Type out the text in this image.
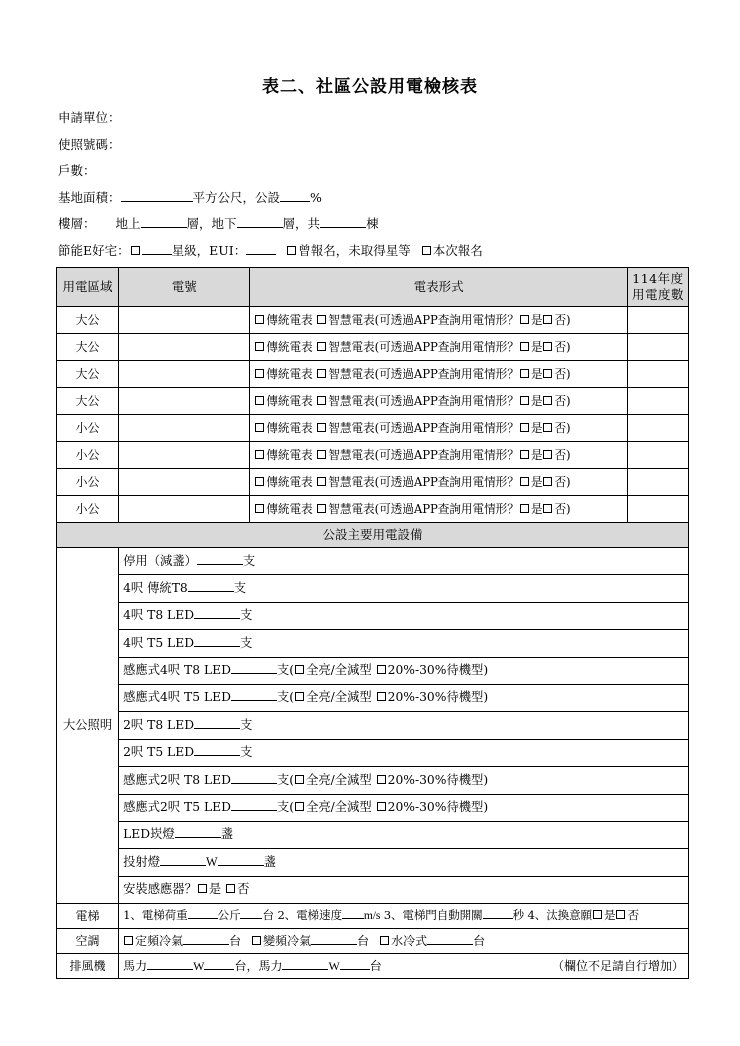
表二、社區公設用電檢核表
申請單位：
使照號碼：
戶數：
基地面積：	平方公尺，公設 %
樓層： 地上	層，地下	層，共	棟
節能E好宅：	星級，EUI：	曾報名，未取得星等 本次報名
用電區域	電號	電表形式	114年度
用電度數

大公		傳統電表 智慧電表(可透過APP查詢用電情形？ 是 否)	
大公		傳統電表 智慧電表(可透過APP查詢用電情形？ 是 否)	
大公		傳統電表 智慧電表(可透過APP查詢用電情形？ 是 否)	
大公		傳統電表 智慧電表(可透過APP查詢用電情形？ 是 否)	
小公		傳統電表 智慧電表(可透過APP查詢用電情形？ 是 否)	
小公		傳統電表 智慧電表(可透過APP查詢用電情形？ 是 否)	
小公		傳統電表 智慧電表(可透過APP查詢用電情形？ 是 否)	
小公		傳統電表 智慧電表(可透過APP查詢用電情形？ 是 否)	
公設主要用電設備			
大公照明	停用（減盞） 支		
	4呎 傳統T8 支		
	4呎 T8 LED 支		
	4呎 T5 LED 支		
	感應式4呎 T8 LED 支( 全亮/全減型 20%-30%待機型)		
	感應式4呎 T5 LED 支( 全亮/全減型 20%-30%待機型)		
	2呎 T8 LED 支		
	2呎 T5 LED 支		
	感應式2呎 T8 LED 支( 全亮/全減型 20%-30%待機型)		
	感應式2呎 T5 LED 支( 全亮/全減型 20%-30%待機型)		
	LED崁燈 盞		
	投射燈 W 盞		
	安裝感應器？ 是 否		
電梯	1、電梯荷重 公斤 台 2、電梯速度 m/s 3、電梯門自動開關 秒 4、汰換意願 是 否		
空調	定頻冷氣 台 變頻冷氣 台 水冷式 台		
排風機	馬力 W 台，馬力 W 台 （欄位不足請自行增加）		
